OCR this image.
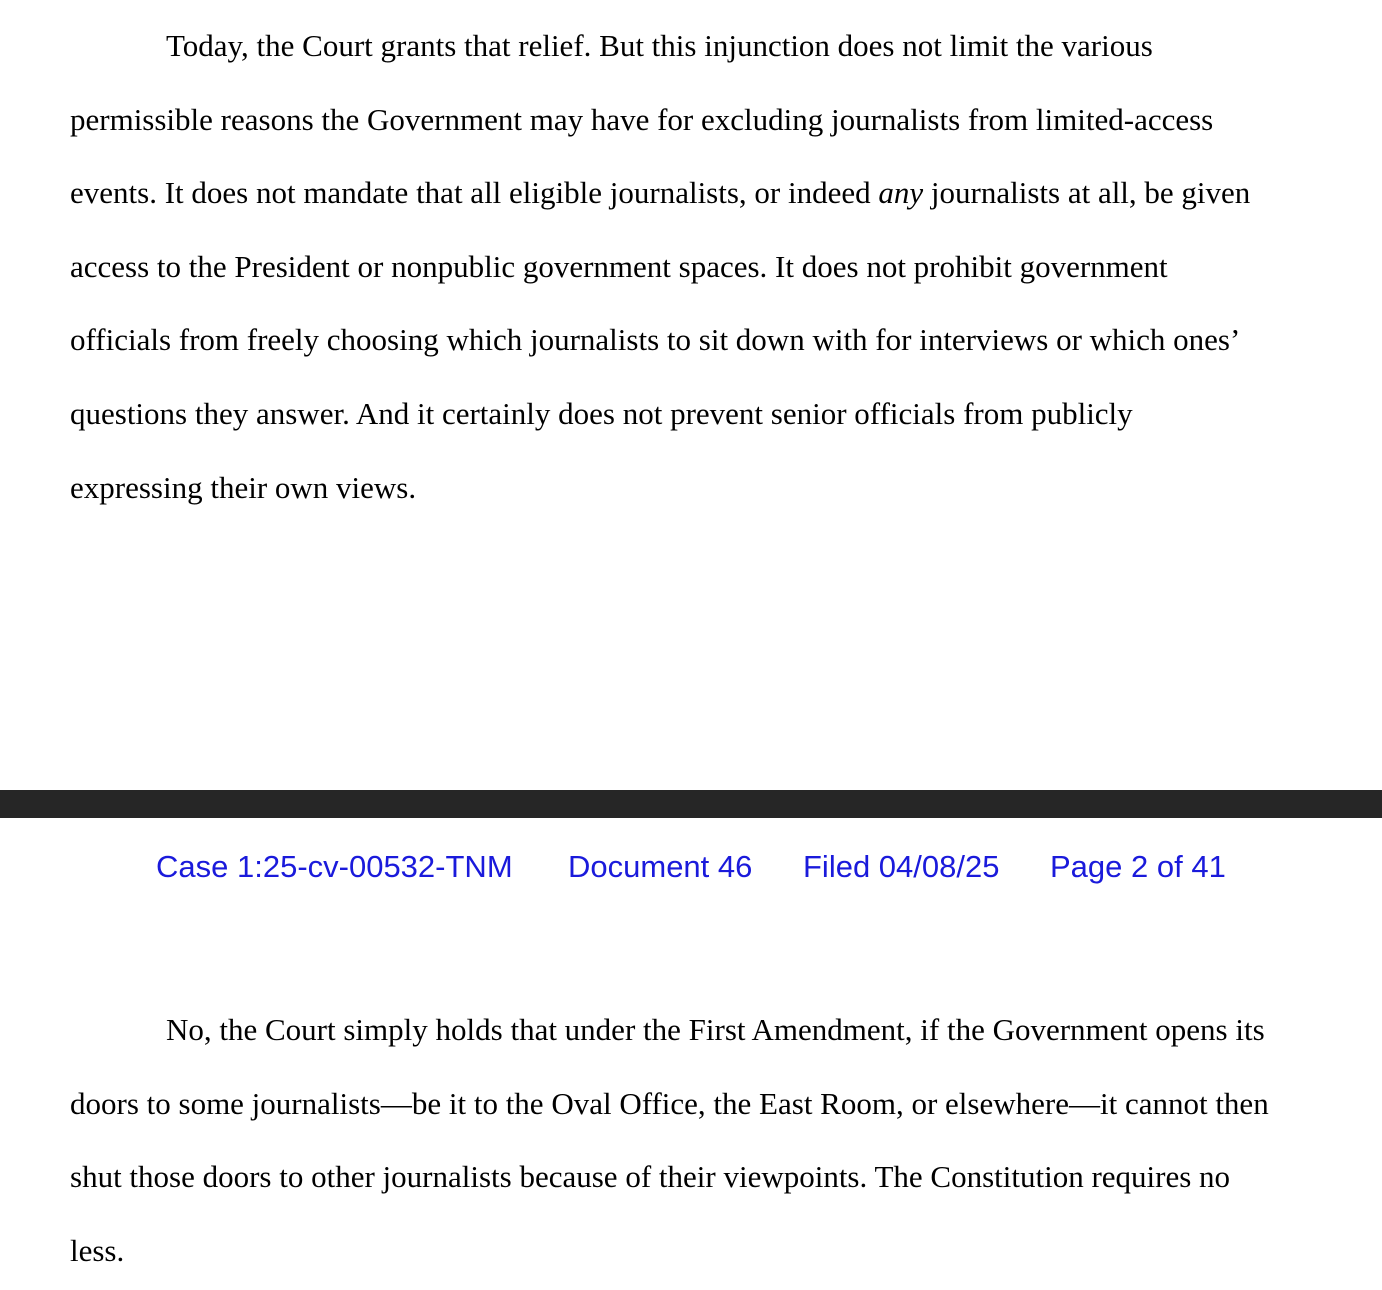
Today, the Court grants that relief. But this injunction does not limit the various

permissible reasons the Government may have for excluding journalists from limited-access

events. It does not mandate that all eligible journalists, or indeed any journalists at all, be given

access to the President or nonpublic government spaces. It does not prohibit government

officials from freely choosing which journalists to sit down with for interviews or which ones’

questions they answer. And it certainly does not prevent senior officials from publicly

expressing their own views.

Case 1:25-cv-00532-TNM Document 46 Filed 04/08/25 Page 2 of 41

No, the Court simply holds that under the First Amendment, if the Government opens its

doors to some journalists—be it to the Oval Office, the East Room, or elsewhere—it cannot then

shut those doors to other journalists because of their viewpoints. The Constitution requires no

less.
